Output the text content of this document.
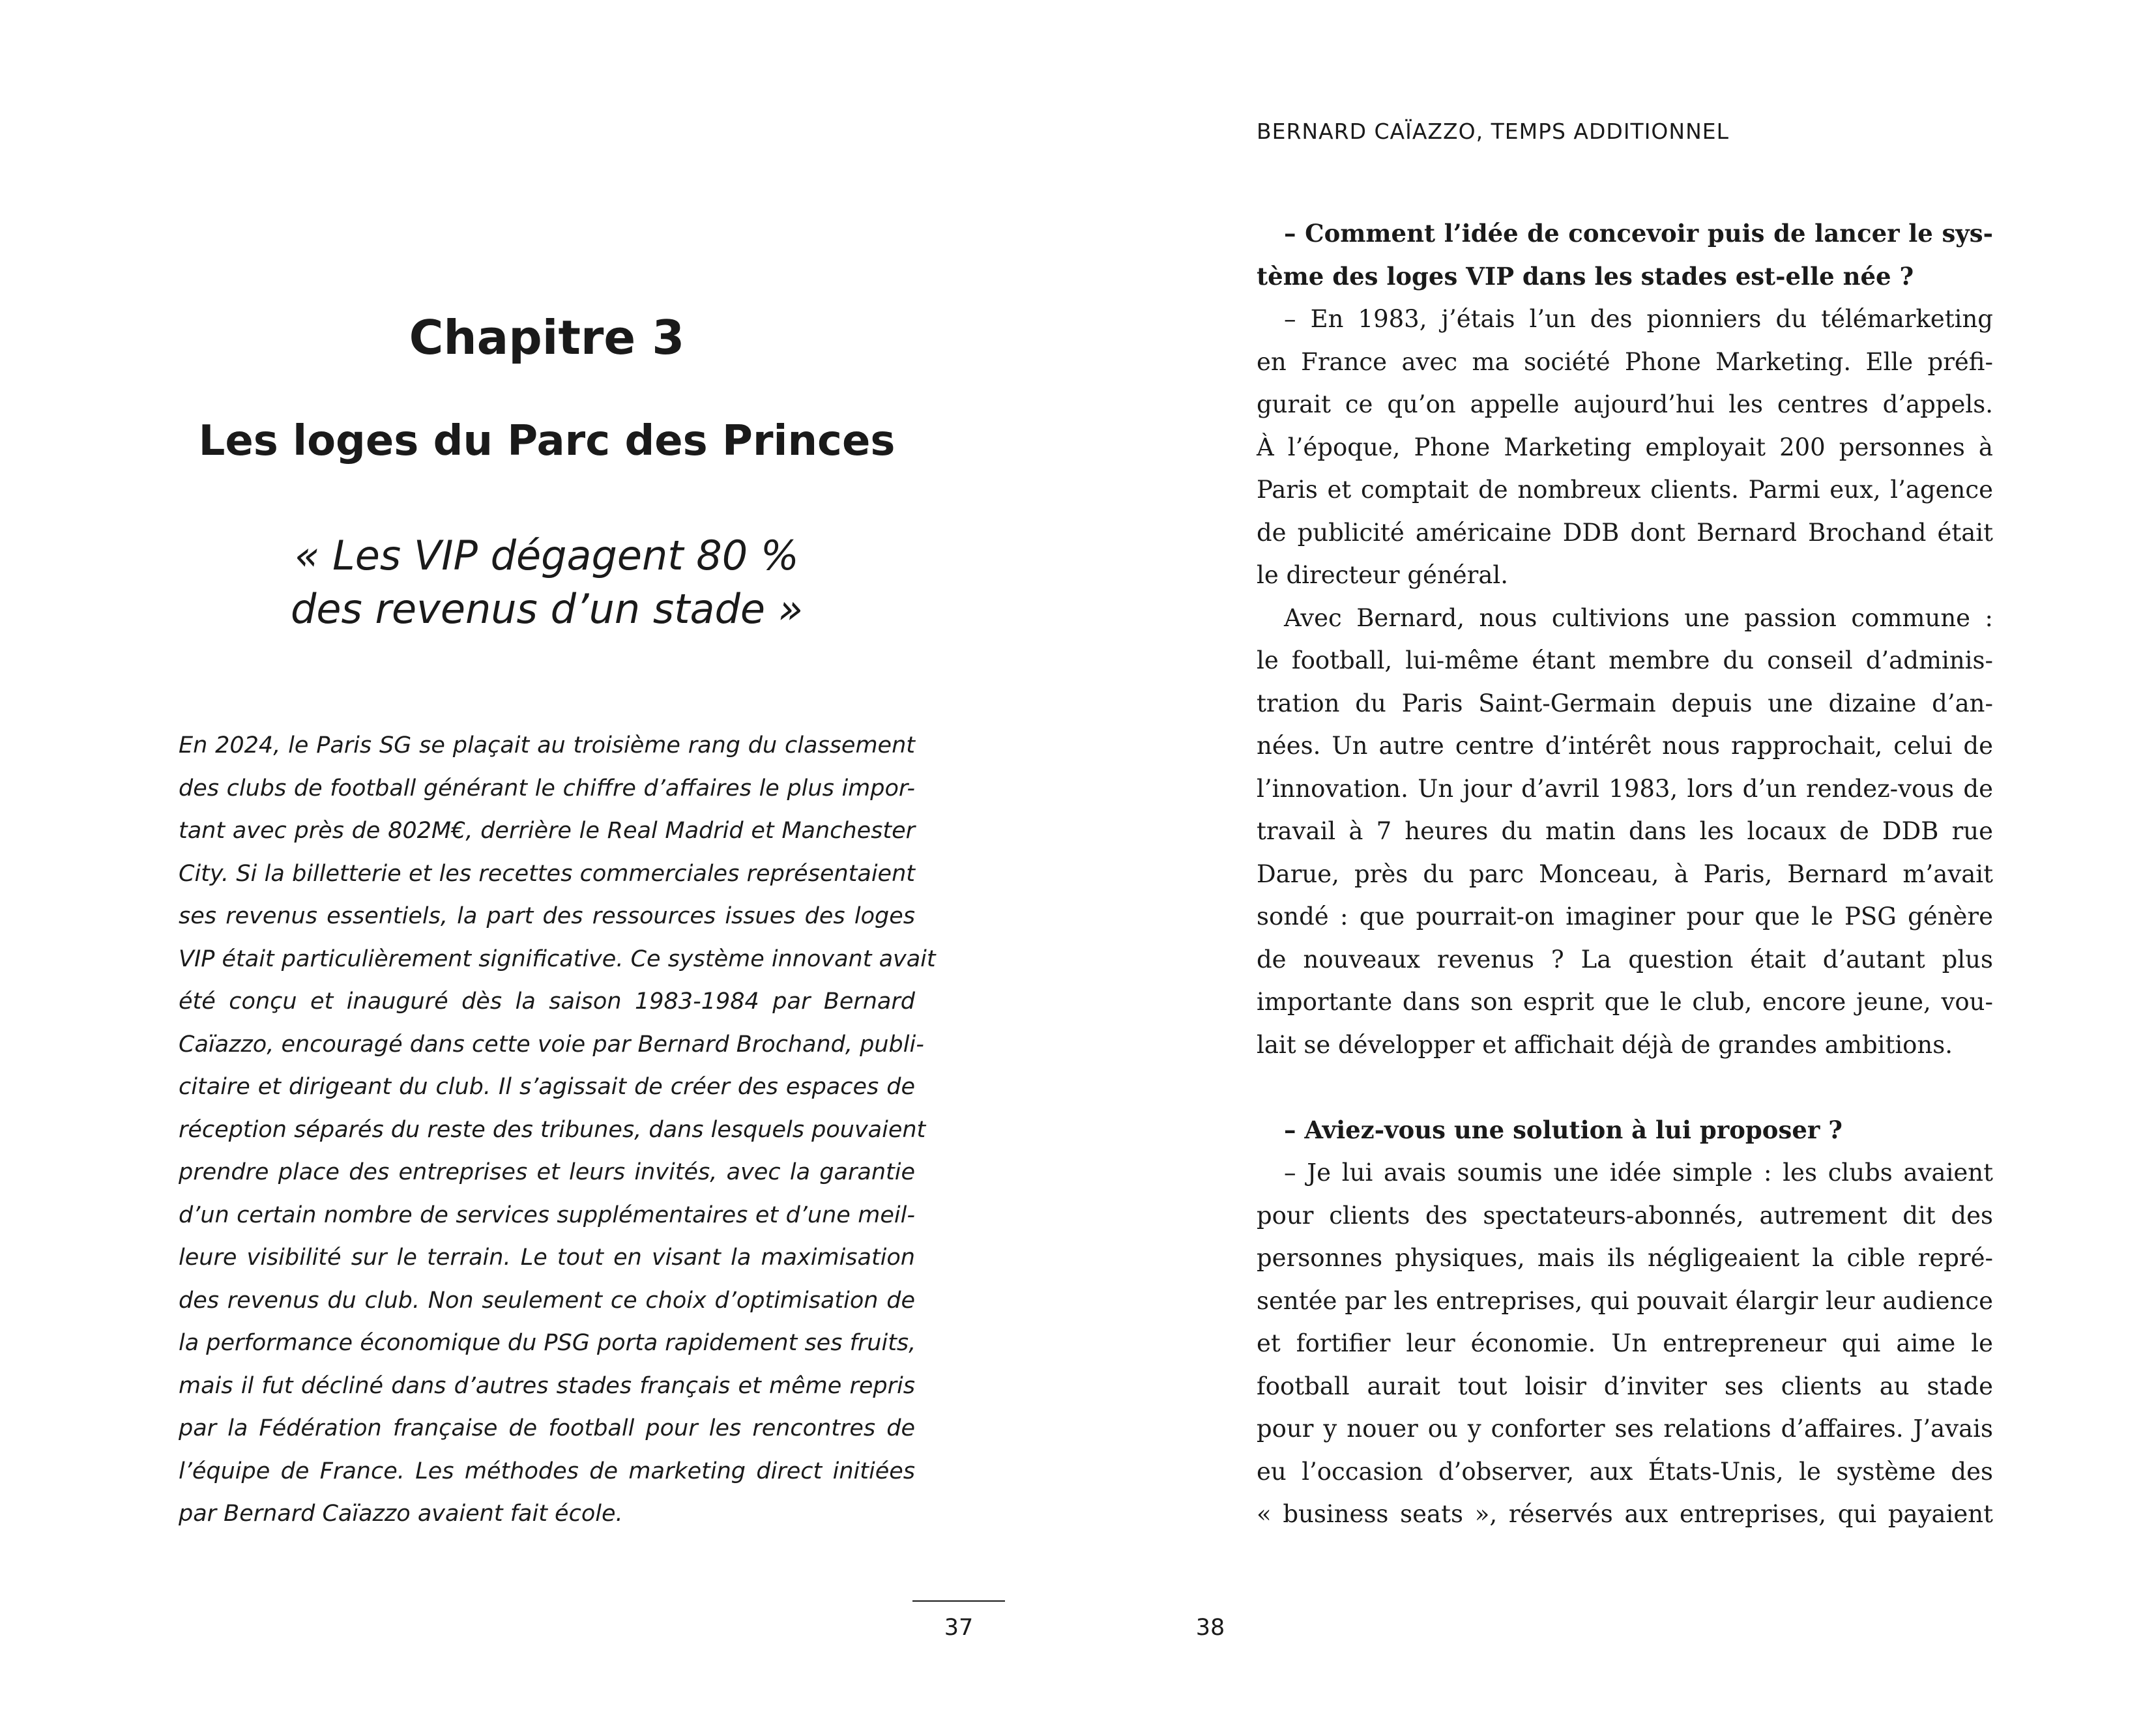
Chapitre 3
Les loges du Parc des Princes

« Les VIP dégagent 80 %
des revenus d’un stade »

En 2024, le Paris SG se plaçait au troisième rang du classement
des clubs de football générant le chiffre d’affaires le plus impor-
tant avec près de 802M€, derrière le Real Madrid et Manchester
City. Si la billetterie et les recettes commerciales représentaient
ses revenus essentiels, la part des ressources issues des loges
VIP était particulièrement significative. Ce système innovant avait
été conçu et inauguré dès la saison 1983-1984 par Bernard
Caïazzo, encouragé dans cette voie par Bernard Brochand, publi-
citaire et dirigeant du club. Il s’agissait de créer des espaces de
réception séparés du reste des tribunes, dans lesquels pouvaient
prendre place des entreprises et leurs invités, avec la garantie
d’un certain nombre de services supplémentaires et d’une meil-
leure visibilité sur le terrain. Le tout en visant la maximisation
des revenus du club. Non seulement ce choix d’optimisation de
la performance économique du PSG porta rapidement ses fruits,
mais il fut décliné dans d’autres stades français et même repris
par la Fédération française de football pour les rencontres de
l’équipe de France. Les méthodes de marketing direct initiées
par Bernard Caïazzo avaient fait école.

37

BERNARD CAÏAZZO, TEMPS ADDITIONNEL

– Comment l’idée de concevoir puis de lancer le sys-
tème des loges VIP dans les stades est-elle née ?
– En 1983, j’étais l’un des pionniers du télémarketing
en France avec ma société Phone Marketing. Elle préfi-
gurait ce qu’on appelle aujourd’hui les centres d’appels.
À l’époque, Phone Marketing employait 200 personnes à
Paris et comptait de nombreux clients. Parmi eux, l’agence
de publicité américaine DDB dont Bernard Brochand était
le directeur général.
Avec Bernard, nous cultivions une passion commune :
le football, lui-même étant membre du conseil d’adminis-
tration du Paris Saint-Germain depuis une dizaine d’an-
nées. Un autre centre d’intérêt nous rapprochait, celui de
l’innovation. Un jour d’avril 1983, lors d’un rendez-vous de
travail à 7 heures du matin dans les locaux de DDB rue
Darue, près du parc Monceau, à Paris, Bernard m’avait
sondé : que pourrait-on imaginer pour que le PSG génère
de nouveaux revenus ? La question était d’autant plus
importante dans son esprit que le club, encore jeune, vou-
lait se développer et affichait déjà de grandes ambitions.
– Aviez-vous une solution à lui proposer ?
– Je lui avais soumis une idée simple : les clubs avaient
pour clients des spectateurs-abonnés, autrement dit des
personnes physiques, mais ils négligeaient la cible repré-
sentée par les entreprises, qui pouvait élargir leur audience
et fortifier leur économie. Un entrepreneur qui aime le
football aurait tout loisir d’inviter ses clients au stade
pour y nouer ou y conforter ses relations d’affaires. J’avais
eu l’occasion d’observer, aux États-Unis, le système des
« business seats », réservés aux entreprises, qui payaient

38
